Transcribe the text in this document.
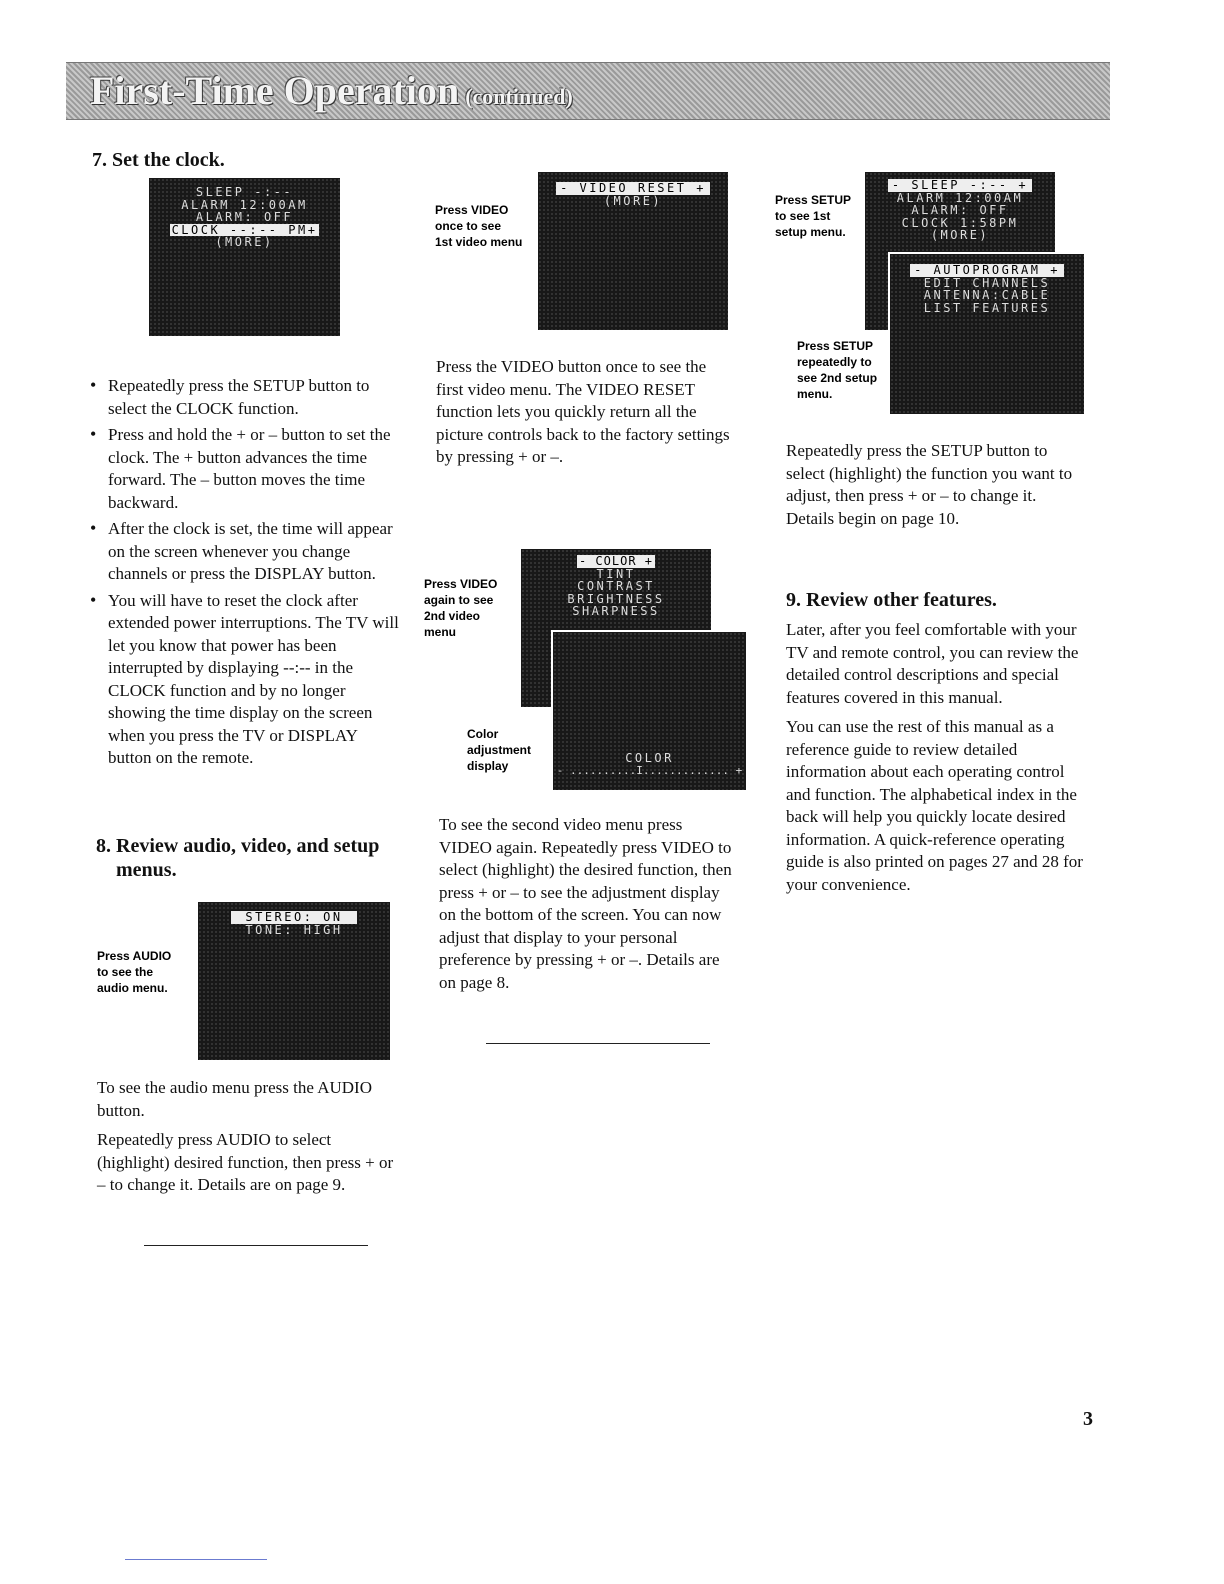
First-Time Operation (continued)
7. Set the clock.
SLEEP -:--
ALARM 12:00AM
ALARM: OFF
CLOCK --:-- PM+
(MORE)
• Repeatedly press the SETUP button to select the CLOCK function.
• Press and hold the + or – button to set the clock. The + button advances the time forward. The – button moves the time backward.
• After the clock is set, the time will appear on the screen whenever you change channels or press the DISPLAY button.
• You will have to reset the clock after extended power interruptions. The TV will let you know that power has been interrupted by displaying --:-- in the CLOCK function and by no longer showing the time display on the screen when you press the TV or DISPLAY button on the remote.
8. Review audio, video, and setup
menus.
Press AUDIO
to see the
audio menu.
STEREO: ON
TONE: HIGH

To see the audio menu press the AUDIO button.

Repeatedly press AUDIO to select (highlight) desired function, then press + or – to change it. Details are on page 9.

Press VIDEO
once to see
1st video menu
- VIDEO RESET +
(MORE)
Press the VIDEO button once to see the first video menu. The VIDEO RESET function lets you quickly return all the picture controls back to the factory settings by pressing + or –.
Press VIDEO
again to see
2nd video
menu
- COLOR +
TINT
CONTRAST
BRIGHTNESS
SHARPNESS
COLOR
- ..........I............. +
Color
adjustment
display
To see the second video menu press VIDEO again. Repeatedly press VIDEO to select (highlight) the desired function, then press + or – to see the adjustment display on the bottom of the screen. You can now adjust that display to your personal preference by pressing + or –. Details are on page 8.
Press SETUP
to see 1st
setup menu.
- SLEEP -:-- +
ALARM 12:00AM
ALARM: OFF
CLOCK 1:58PM
(MORE)
- AUTOPROGRAM +
EDIT CHANNELS
ANTENNA:CABLE
LIST FEATURES
Press SETUP
repeatedly to
see 2nd setup
menu.
Repeatedly press the SETUP button to select (highlight) the function you want to adjust, then press + or – to change it. Details begin on page 10.
9. Review other features.

Later, after you feel comfortable with your TV and remote control, you can review the detailed control descriptions and special features covered in this manual.

You can use the rest of this manual as a reference guide to review detailed information about each operating control and function. The alphabetical index in the back will help you quickly locate desired information. A quick-reference operating guide is also printed on pages 27 and 28 for your convenience.

3
